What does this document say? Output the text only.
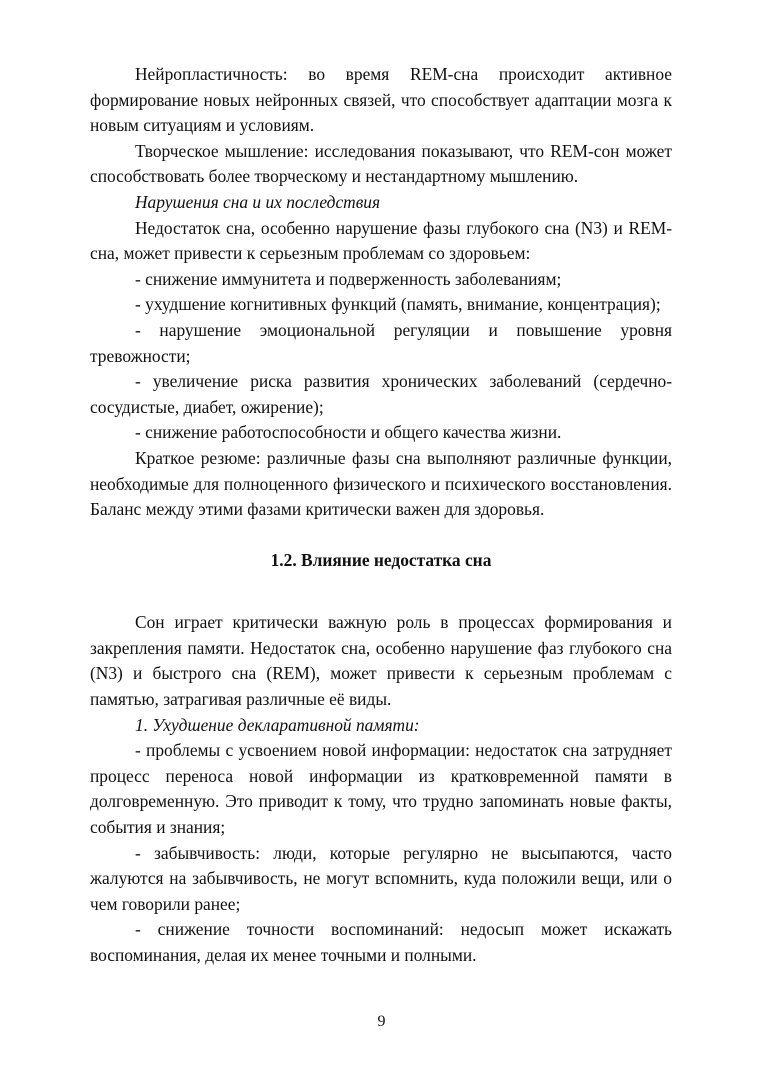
Нейропластичность: во время REM-сна происходит активное формирование новых нейронных связей, что способствует адаптации мозга к новым ситуациям и условиям.

Творческое мышление: исследования показывают, что REM-сон может способствовать более творческому и нестандартному мышлению.

Нарушения сна и их последствия

Недостаток сна, особенно нарушение фазы глубокого сна (N3) и REM-сна, может привести к серьезным проблемам со здоровьем:

- снижение иммунитета и подверженность заболеваниям;

- ухудшение когнитивных функций (память, внимание, концентрация);

- нарушение эмоциональной регуляции и повышение уровня тревожности;

- увеличение риска развития хронических заболеваний (сердечно-сосудистые, диабет, ожирение);

- снижение работоспособности и общего качества жизни.

Краткое резюме: различные фазы сна выполняют различные функции, необходимые для полноценного физического и психического восстановления. Баланс между этими фазами критически важен для здоровья.

1.2. Влияние недостатка сна

Сон играет критически важную роль в процессах формирования и закрепления памяти. Недостаток сна, особенно нарушение фаз глубокого сна (N3) и быстрого сна (REM), может привести к серьезным проблемам с памятью, затрагивая различные её виды.

1. Ухудшение декларативной памяти:

- проблемы с усвоением новой информации: недостаток сна затрудняет процесс переноса новой информации из кратковременной памяти в долговременную. Это приводит к тому, что трудно запоминать новые факты, события и знания;

- забывчивость: люди, которые регулярно не высыпаются, часто жалуются на забывчивость, не могут вспомнить, куда положили вещи, или о чем говорили ранее;

- снижение точности воспоминаний: недосып может искажать воспоминания, делая их менее точными и полными.

9
